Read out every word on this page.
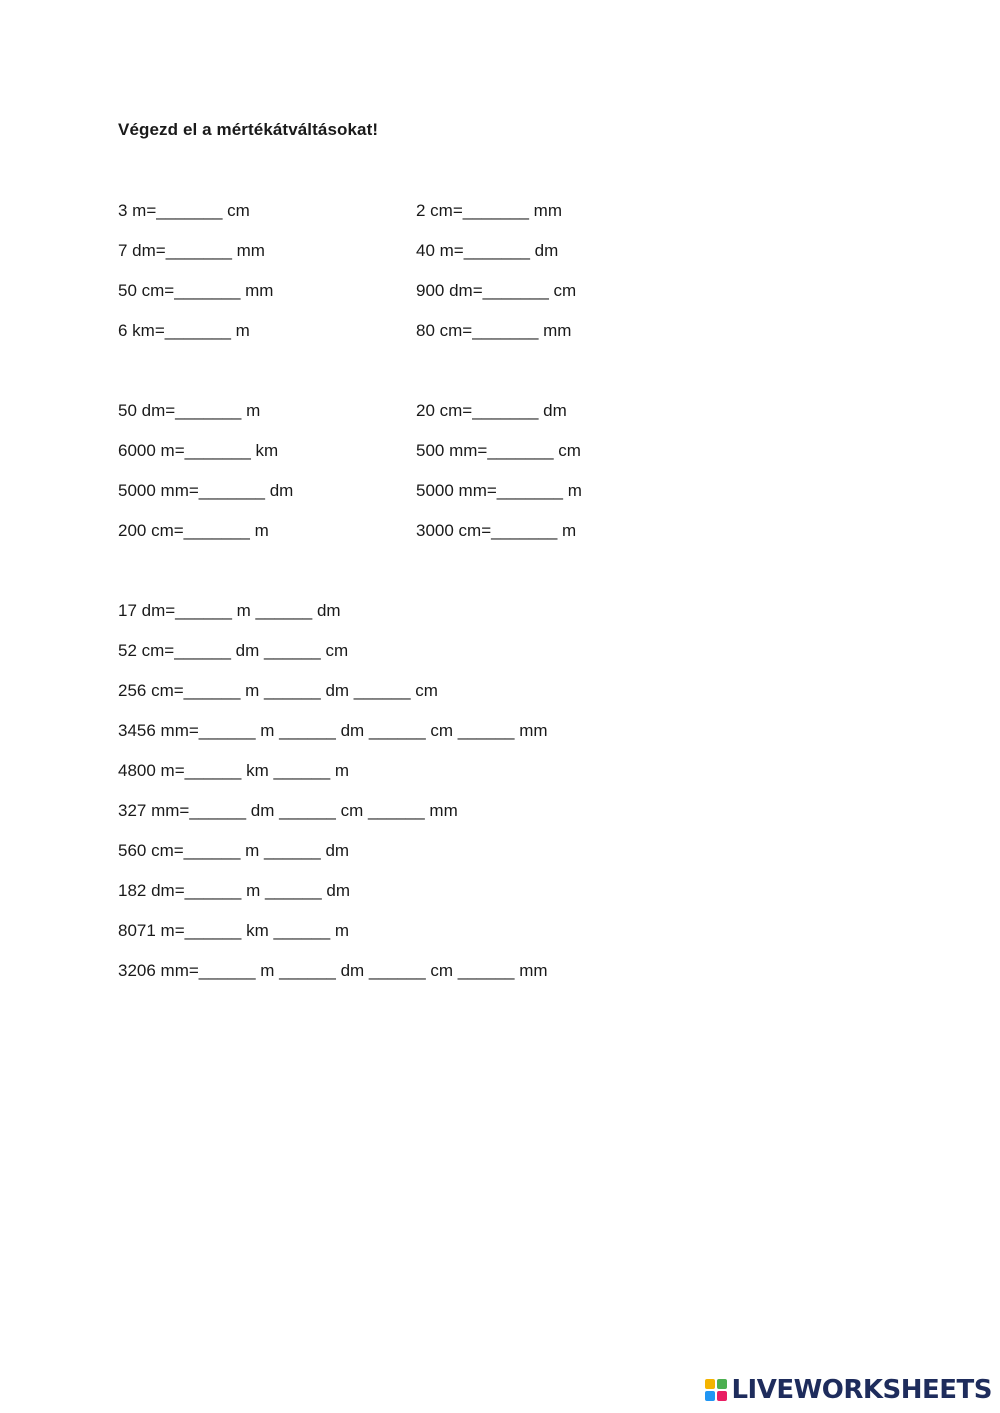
Végezd el a mértékátváltásokat!
3 m=_______ cm
7 dm=_______ mm
50 cm=_______ mm
6 km=_______ m
2 cm=_______ mm
40 m=_______ dm
900 dm=_______ cm
80 cm=_______ mm
50 dm=_______ m
6000 m=_______ km
5000 mm=_______ dm
200 cm=_______ m
20 cm=_______ dm
500 mm=_______ cm
5000 mm=_______ m
3000 cm=_______ m
17 dm=______ m ______ dm
52 cm=______ dm ______ cm
256 cm=______ m ______ dm ______ cm
3456 mm=______ m ______ dm ______ cm ______ mm
4800 m=______ km ______ m
327 mm=______ dm ______ cm ______ mm
560 cm=______ m ______ dm
182 dm=______ m ______ dm
8071 m=______ km ______ m
3206 mm=______ m ______ dm ______ cm ______ mm
LIVEWORKSHEETS
